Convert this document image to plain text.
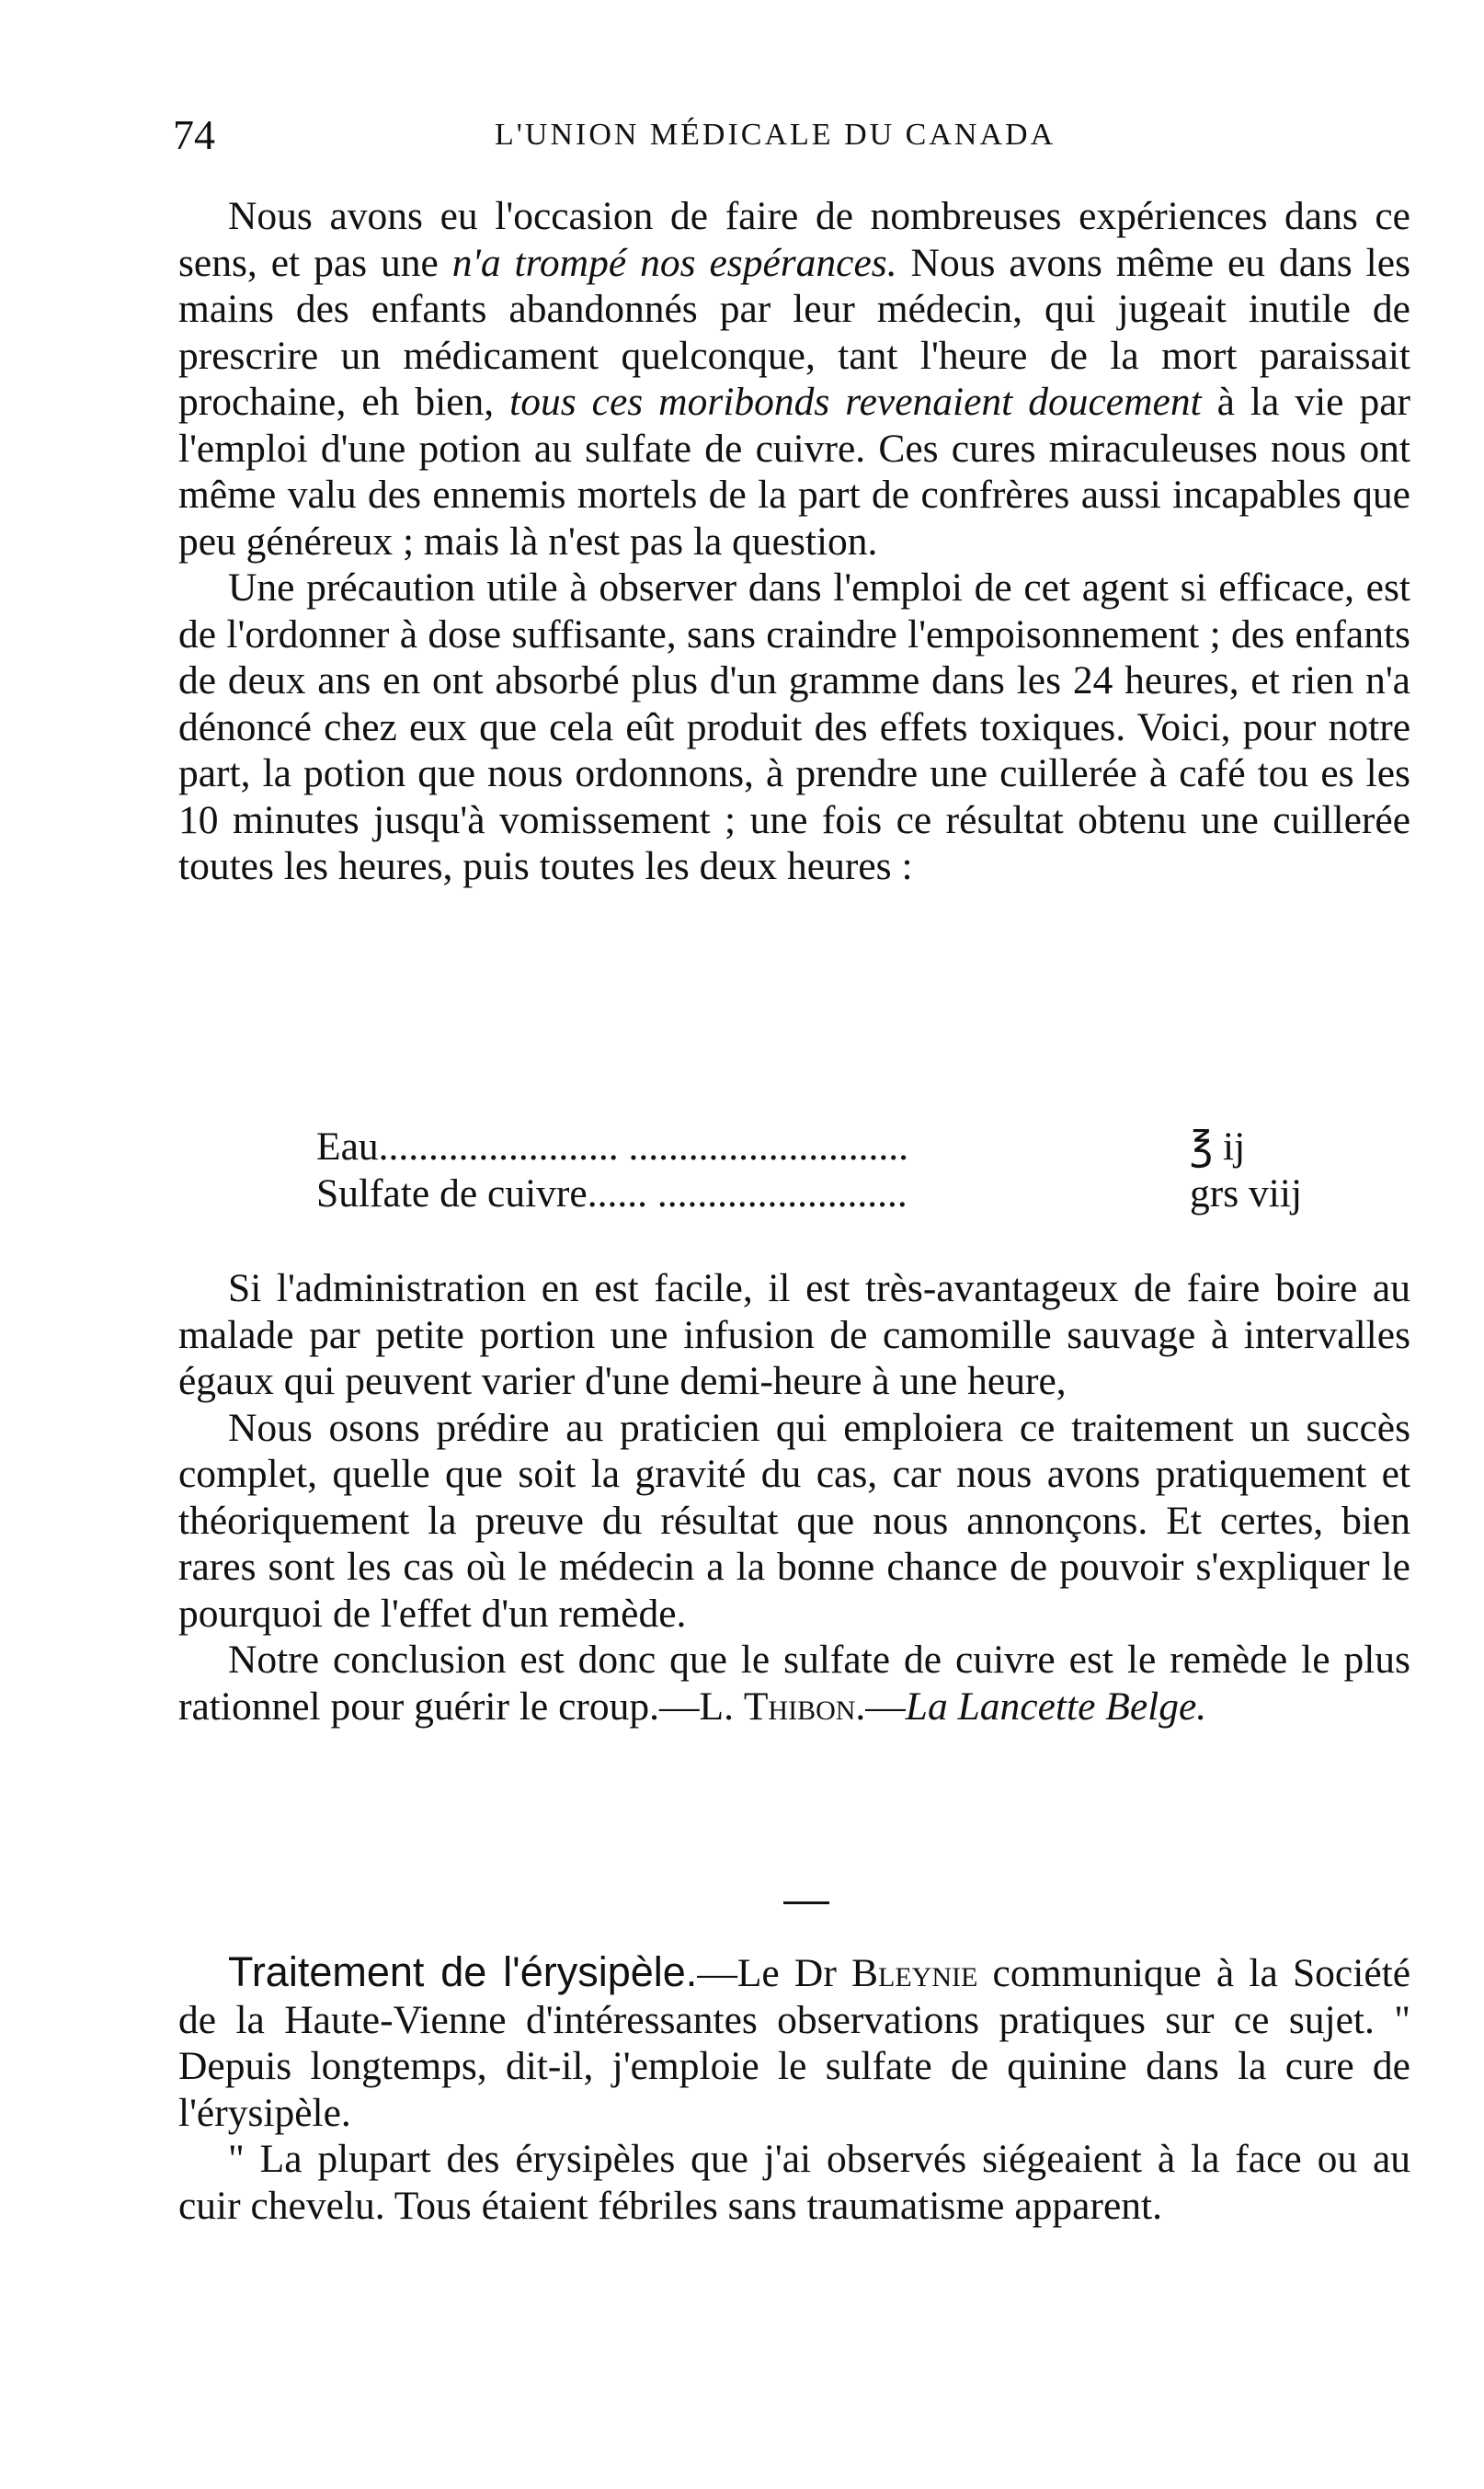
74	L'UNION MÉDICALE DU CANADA

Nous avons eu l'occasion de faire de nombreuses expériences dans ce sens, et pas une n'a trompé nos espérances. Nous avons même eu dans les mains des enfants abandonnés par leur médecin, qui jugeait inutile de prescrire un médicament quelconque, tant l'heure de la mort paraissait prochaine, eh bien, tous ces moribonds revenaient doucement à la vie par l'emploi d'une potion au sulfate de cuivre. Ces cures miraculeuses nous ont même valu des ennemis mortels de la part de confrères aussi incapables que peu généreux ; mais là n'est pas la question.

Une précaution utile à observer dans l'emploi de cet agent si efficace, est de l'ordonner à dose suffisante, sans craindre l'empoisonnement ; des enfants de deux ans en ont absorbé plus d'un gramme dans les 24 heures, et rien n'a dénoncé chez eux que cela eût produit des effets toxiques. Voici, pour notre part, la potion que nous ordonnons, à prendre une cuillerée à café tou es les 10 minutes jusqu'à vomissement ; une fois ce résultat obtenu une cuillerée toutes les heures, puis toutes les deux heures :

Eau........................ ............................	℥ ij
Sulfate de cuivre...... .........................	grs viij

Si l'administration en est facile, il est très-avantageux de faire boire au malade par petite portion une infusion de camomille sauvage à intervalles égaux qui peuvent varier d'une demi-heure à une heure,

Nous osons prédire au praticien qui emploiera ce traitement un succès complet, quelle que soit la gravité du cas, car nous avons pratiquement et théoriquement la preuve du résultat que nous annonçons. Et certes, bien rares sont les cas où le médecin a la bonne chance de pouvoir s'expliquer le pourquoi de l'effet d'un remède.

Notre conclusion est donc que le sulfate de cuivre est le remède le plus rationnel pour guérir le croup.—L. Thibon.—La Lancette Belge.

Traitement de l'érysipèle.—Le Dr Bleynie communique à la Société de la Haute-Vienne d'intéressantes observations pratiques sur ce sujet. " Depuis longtemps, dit-il, j'emploie le sulfate de quinine dans la cure de l'érysipèle.

" La plupart des érysipèles que j'ai observés siégeaient à la face ou au cuir chevelu. Tous étaient fébriles sans traumatisme apparent.
